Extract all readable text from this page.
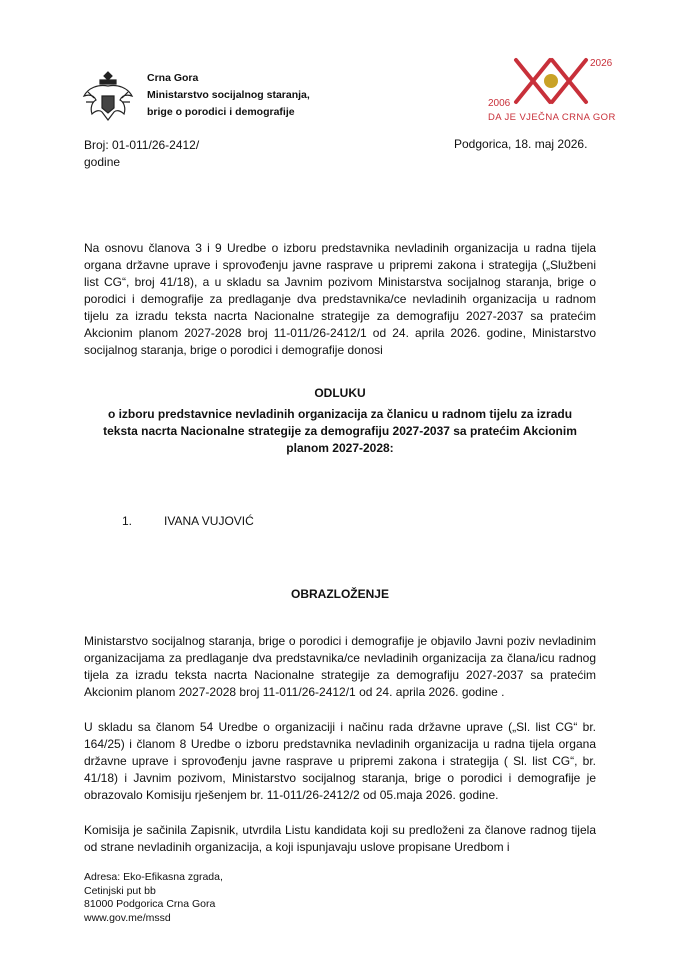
Crna Gora
Ministarstvo socijalnog staranja,
brige o porodici i demografije
2026
2006
DA JE VJEČNA CRNA GORA
Broj: 01-011/26-2412/
godine
Podgorica, 18. maj 2026.
Na osnovu članova 3 i 9 Uredbe o izboru predstavnika nevladinih organizacija u radna tijela organa državne uprave i sprovođenju javne rasprave u pripremi zakona i strategija („Službeni list CG“, broj 41/18), a u skladu sa Javnim pozivom Ministarstva socijalnog staranja, brige o porodici i demografije za predlaganje dva predstavnika/ce nevladinih organizacija u radnom tijelu za izradu teksta nacrta Nacionalne strategije za demografiju 2027-2037 sa pratećim Akcionim planom 2027-2028 broj 11-011/26-2412/1 od 24. aprila 2026. godine, Ministarstvo socijalnog staranja, brige o porodici i demografije donosi
ODLUKU
o izboru predstavnice nevladinih organizacija za članicu u radnom tijelu za izradu teksta nacrta Nacionalne strategije za demografiju 2027-2037 sa pratećim Akcionim planom 2027-2028:
1.	IVANA VUJOVIĆ
OBRAZLOŽENJE
Ministarstvo socijalnog staranja, brige o porodici i demografije je objavilo Javni poziv nevladinim organizacijama za predlaganje dva predstavnika/ce nevladinih organizacija za člana/icu radnog tijela za izradu teksta nacrta Nacionalne strategije za demografiju 2027-2037 sa pratećim Akcionim planom 2027-2028 broj 11-011/26-2412/1 od 24. aprila 2026. godine .
U skladu sa članom 54 Uredbe o organizaciji i načinu rada državne uprave („Sl. list CG“ br. 164/25) i članom 8 Uredbe o izboru predstavnika nevladinih organizacija u radna tijela organa državne uprave i sprovođenju javne rasprave u pripremi zakona i strategija ( Sl. list CG“, br. 41/18) i Javnim pozivom, Ministarstvo socijalnog staranja, brige o porodici i demografije je obrazovalo Komisiju rješenjem br. 11-011/26-2412/2 od 05.maja 2026. godine.
Komisija je sačinila Zapisnik, utvrdila Listu kandidata koji su predloženi za članove radnog tijela od strane nevladinih organizacija, a koji ispunjavaju uslove propisane Uredbom i
Adresa: Eko-Efikasna zgrada,
Cetinjski put bb
81000 Podgorica Crna Gora
www.gov.me/mssd
